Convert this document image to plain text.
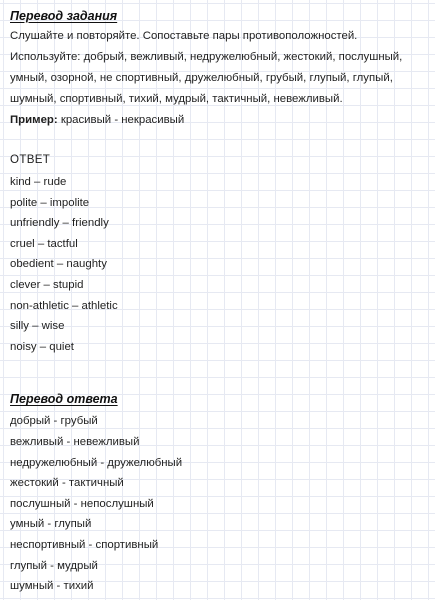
Перевод задания
Слушайте и повторяйте. Сопоставьте пары противоположностей.
Используйте: добрый, вежливый, недружелюбный, жестокий, послушный,
умный, озорной, не спортивный, дружелюбный, грубый, глупый, глупый,
шумный, спортивный, тихий, мудрый, тактичный, невежливый.
Пример: красивый - некрасивый
ОТВЕТ
kind – rude
polite – impolite
unfriendly – friendly
cruel – tactful
obedient – naughty
clever – stupid
non-athletic – athletic
silly – wise
noisy – quiet
Перевод ответа
добрый - грубый
вежливый - невежливый
недружелюбный - дружелюбный
жестокий - тактичный
послушный - непослушный
умный - глупый
неспортивный - спортивный
глупый - мудрый
шумный - тихий
